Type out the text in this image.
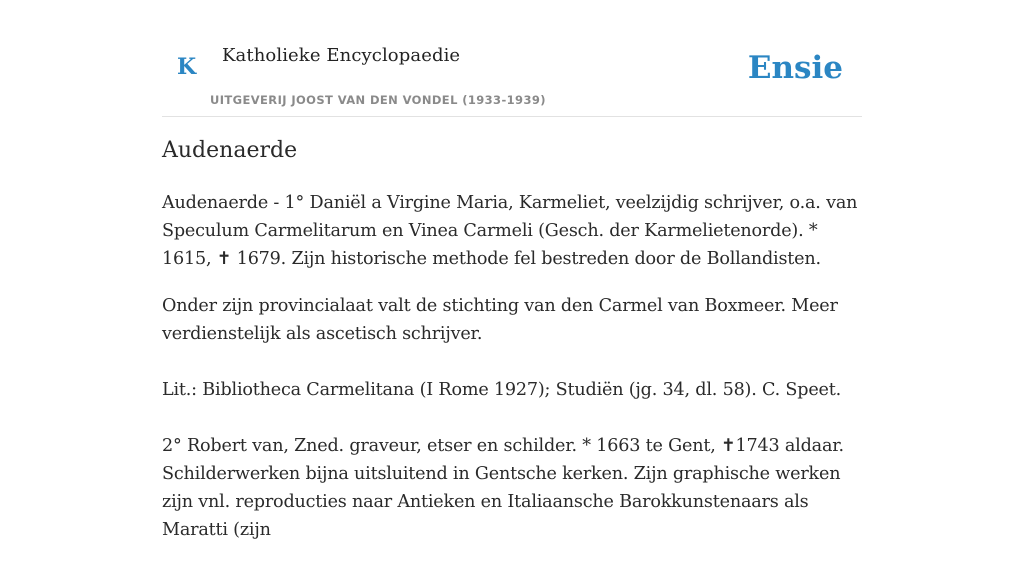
K Katholieke Encyclopaedie
UITGEVERIJ JOOST VAN DEN VONDEL (1933-1939)
Ensie
Audenaerde

Audenaerde - 1° Daniël a Virgine Maria, Karmeliet, veelzijdig schrijver, o.a. van Speculum Carmelitarum en Vinea Carmeli (Gesch. der Karmelietenorde). * 1615, ✝ 1679. Zijn historische methode fel bestreden door de Bollandisten.

Onder zijn provincialaat valt de stichting van den Carmel van Boxmeer. Meer verdienstelijk als ascetisch schrijver.

Lit.: Bibliotheca Carmelitana (I Rome 1927); Studiën (jg. 34, dl. 58). C. Speet.

2° Robert van, Zned. graveur, etser en schilder. * 1663 te Gent, ✝1743 aldaar. Schilderwerken bijna uitsluitend in Gentsche kerken. Zijn graphische werken zijn vnl. reproducties naar Antieken en Italiaansche Barokkunstenaars als Maratti (zijn
